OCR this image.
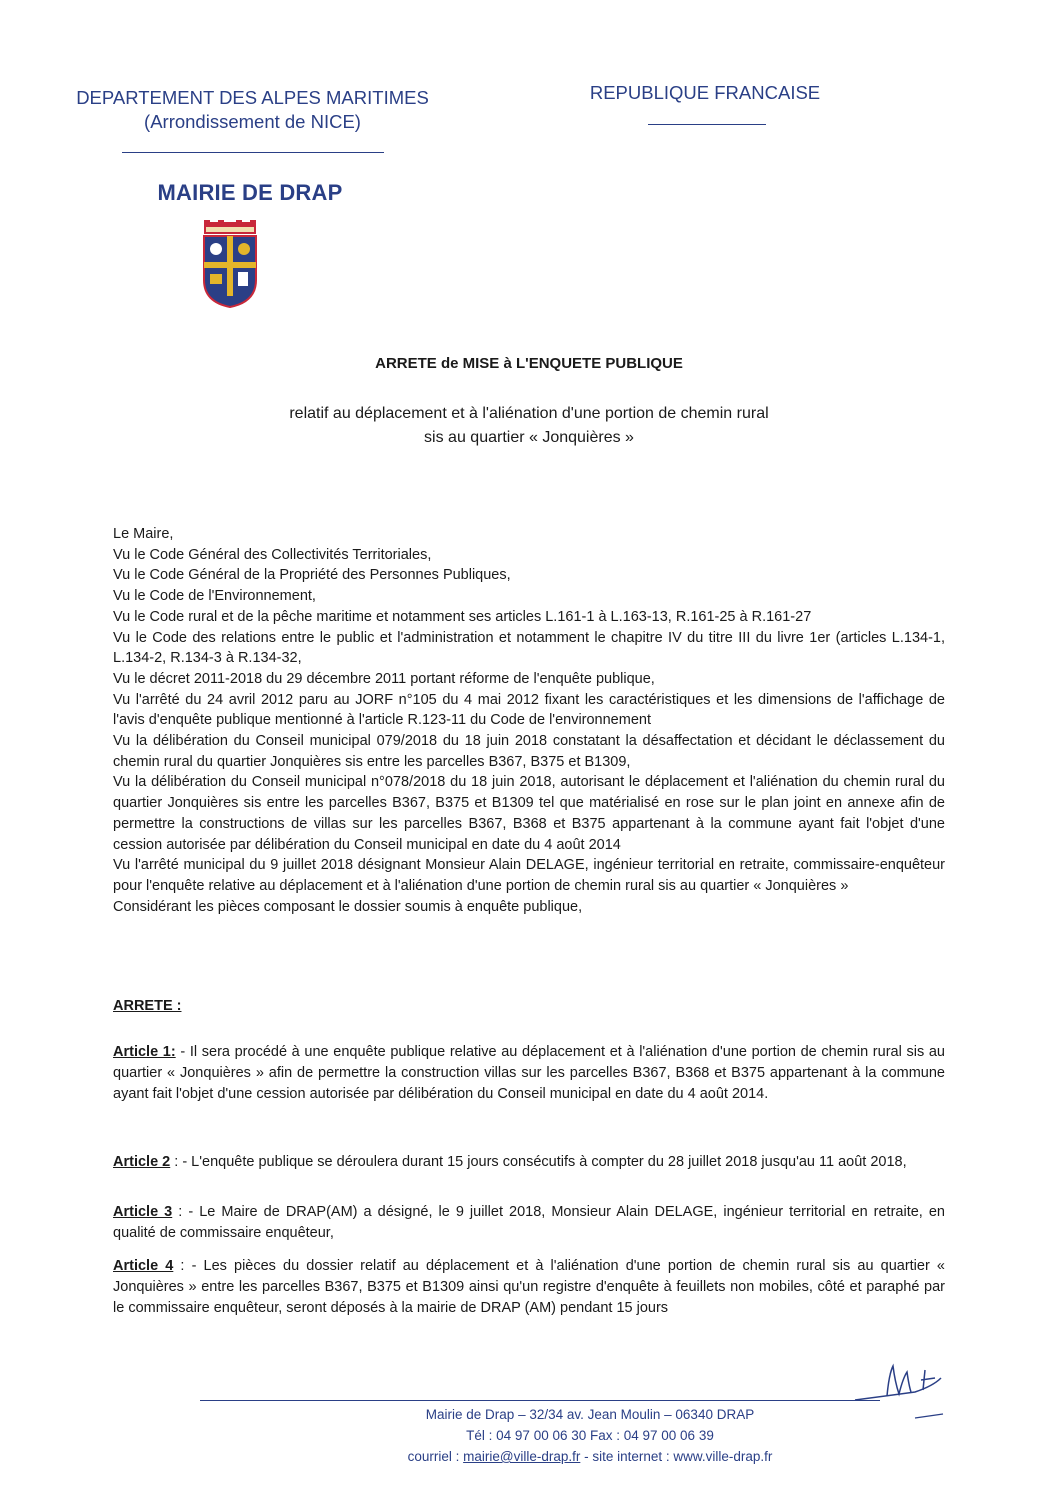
DEPARTEMENT DES ALPES MARITIMES
(Arrondissement de NICE)
REPUBLIQUE FRANCAISE
MAIRIE DE DRAP
ARRETE de MISE à L'ENQUETE PUBLIQUE
relatif au déplacement et à l'aliénation d'une portion de chemin rural
sis au quartier « Jonquières »

Le Maire,

Vu le Code Général des Collectivités Territoriales,

Vu le Code Général de la Propriété des Personnes Publiques,

Vu le Code de l'Environnement,

Vu le Code rural et de la pêche maritime et notamment ses articles L.161-1 à L.163-13, R.161-25 à R.161-27

Vu le Code des relations entre le public et l'administration et notamment le chapitre IV du titre III du livre 1er (articles L.134-1, L.134-2, R.134-3 à R.134-32,

Vu le décret 2011-2018 du 29 décembre 2011 portant réforme de l'enquête publique,

Vu l'arrêté du 24 avril 2012 paru au JORF n°105 du 4 mai 2012 fixant les caractéristiques et les dimensions de l'affichage de l'avis d'enquête publique mentionné à l'article R.123-11 du Code de l'environnement

Vu la délibération du Conseil municipal 079/2018 du 18 juin 2018 constatant la désaffectation et décidant le déclassement du chemin rural du quartier Jonquières sis entre les parcelles B367, B375 et B1309,

Vu la délibération du Conseil municipal n°078/2018 du 18 juin 2018, autorisant le déplacement et l'aliénation du chemin rural du quartier Jonquières sis entre les parcelles B367, B375 et B1309 tel que matérialisé en rose sur le plan joint en annexe afin de permettre la constructions de villas sur les parcelles B367, B368 et B375 appartenant à la commune ayant fait l'objet d'une cession autorisée par délibération du Conseil municipal en date du 4 août 2014

Vu l'arrêté municipal du 9 juillet 2018 désignant Monsieur Alain DELAGE, ingénieur territorial en retraite, commissaire-enquêteur pour l'enquête relative au déplacement et à l'aliénation d'une portion de chemin rural sis au quartier « Jonquières »

Considérant les pièces composant le dossier soumis à enquête publique,

ARRETE :
Article 1: - Il sera procédé à une enquête publique relative au déplacement et à l'aliénation d'une portion de chemin rural sis au quartier « Jonquières » afin de permettre la construction villas sur les parcelles B367, B368 et B375 appartenant à la commune ayant fait l'objet d'une cession autorisée par délibération du Conseil municipal en date du 4 août 2014.
Article 2 : - L'enquête publique se déroulera durant 15 jours consécutifs à compter du 28 juillet 2018 jusqu'au 11 août 2018,
Article 3 : - Le Maire de DRAP(AM) a désigné, le 9 juillet 2018, Monsieur Alain DELAGE, ingénieur territorial en retraite, en qualité de commissaire enquêteur,
Article 4 : - Les pièces du dossier relatif au déplacement et à l'aliénation d'une portion de chemin rural sis au quartier « Jonquières » entre les parcelles B367, B375 et B1309 ainsi qu'un registre d'enquête à feuillets non mobiles, côté et paraphé par le commissaire enquêteur, seront déposés à la mairie de DRAP (AM) pendant 15 jours
Mairie de Drap – 32/34 av. Jean Moulin – 06340 DRAP
Tél : 04 97 00 06 30 Fax : 04 97 00 06 39
courriel : mairie@ville-drap.fr - site internet : www.ville-drap.fr
